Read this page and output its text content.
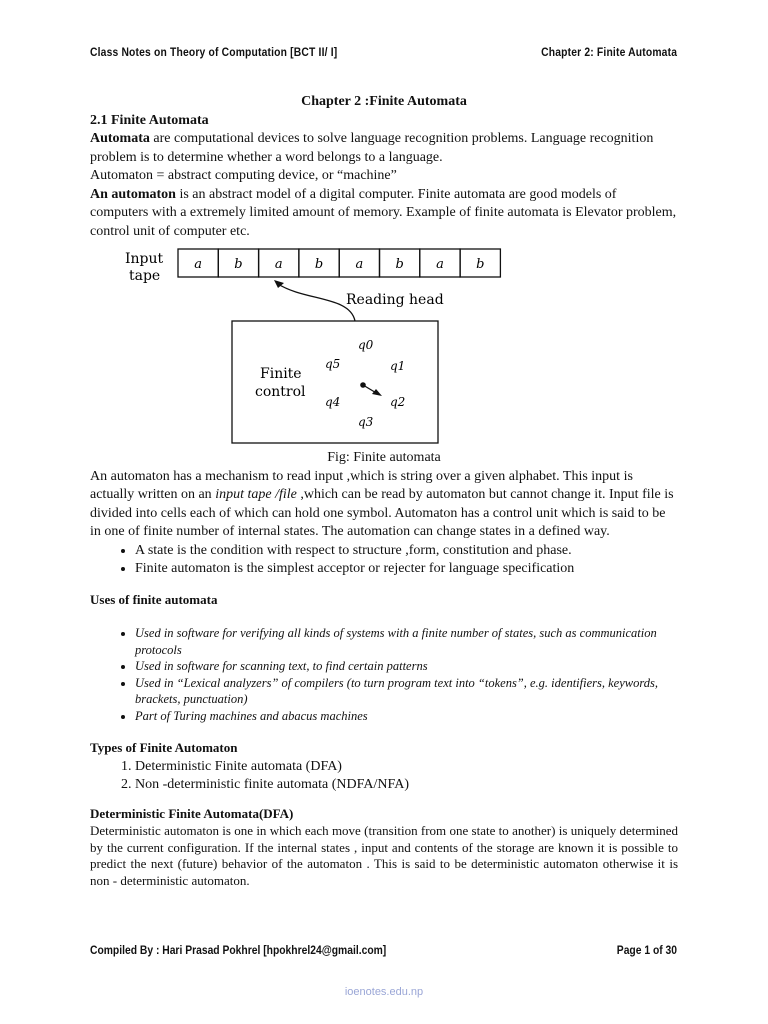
Class Notes on Theory of Computation [BCT II/ I]	Chapter 2: Finite Automata

Chapter 2 :Finite Automata

2.1 Finite Automata

Automata are computational devices to solve language recognition problems. Language recognition problem is to determine whether a word belongs to a language.

Automaton = abstract computing device, or “machine”

An automaton is an abstract model of a digital computer. Finite automata are good models of computers with a extremely limited amount of memory. Example of finite automata is Elevator problem, control unit of computer etc.

Input
tape
a b a b a b a b
Reading head
Finite
control
q0
q5	q1
q4	q2
q3

Fig: Finite automata

An automaton has a mechanism to read input ,which is string over a given alphabet. This input is actually written on an input tape /file ,which can be read by automaton but cannot change it. Input file is divided into cells each of which can hold one symbol. Automaton has a control unit which is said to be in one of finite number of internal states. The automation can change states in a defined way.

• A state is the condition with respect to structure ,form, constitution and phase.
• Finite automaton is the simplest acceptor or rejecter for language specification

Uses of finite automata

• Used in software for verifying all kinds of systems with a finite number of states, such as communication protocols
• Used in software for scanning text, to find certain patterns
• Used in “Lexical analyzers” of compilers (to turn program text into “tokens”, e.g. identifiers, keywords, brackets, punctuation)
• Part of Turing machines and abacus machines

Types of Finite Automaton

1. Deterministic Finite automata (DFA)
2. Non -deterministic finite automata (NDFA/NFA)

Deterministic Finite Automata(DFA)

Deterministic automaton is one in which each move (transition from one state to another) is uniquely determined by the current configuration. If the internal states , input and contents of the storage are known it is possible to predict the next (future) behavior of the automaton . This is said to be deterministic automaton otherwise it is non - deterministic automaton.

Compiled By : Hari Prasad Pokhrel [hpokhrel24@gmail.com]	Page 1 of 30
ioenotes.edu.np
